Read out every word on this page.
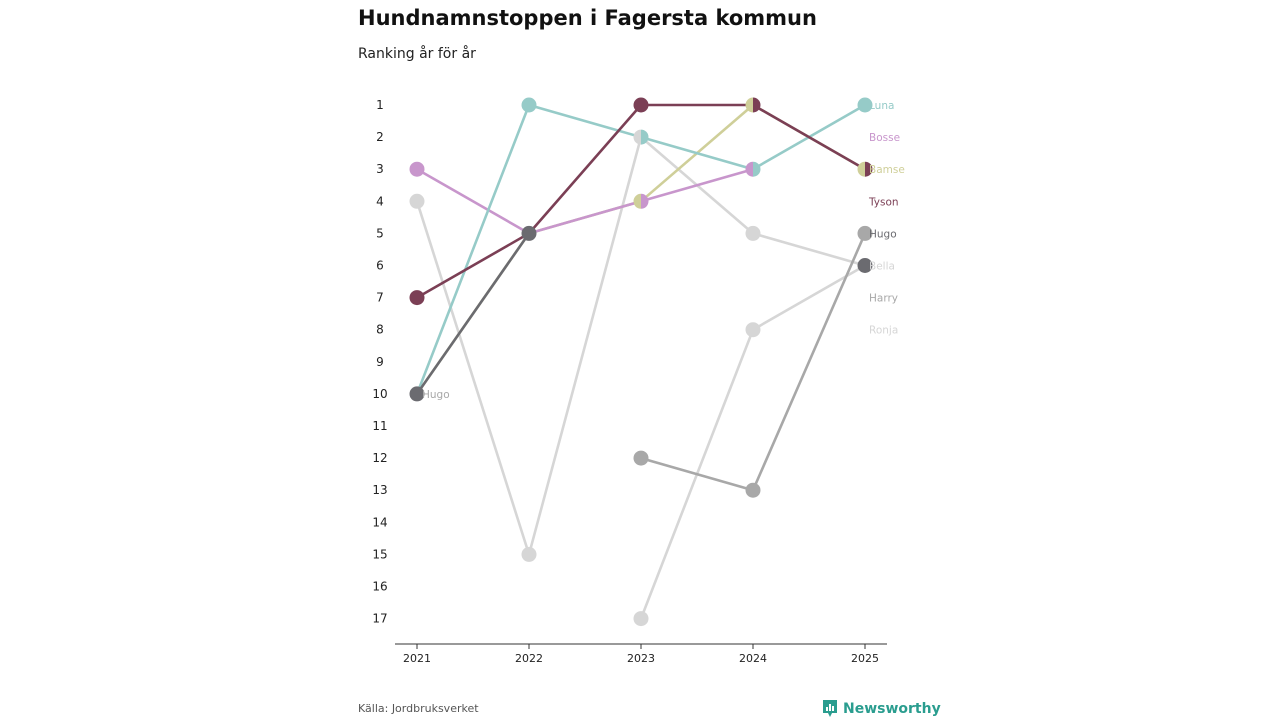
Hundnamnstoppen i Fagersta kommun
Ranking år för år
1
2
3
4
5
6
7
8
9
10
11
12
13
14
15
16
17
2021	2022	2023	2024	2025
Luna
Bosse
Bamse
Tyson
Hugo
Bella
Harry
Ronja
Hugo
Källa: Jordbruksverket	Newsworthy
